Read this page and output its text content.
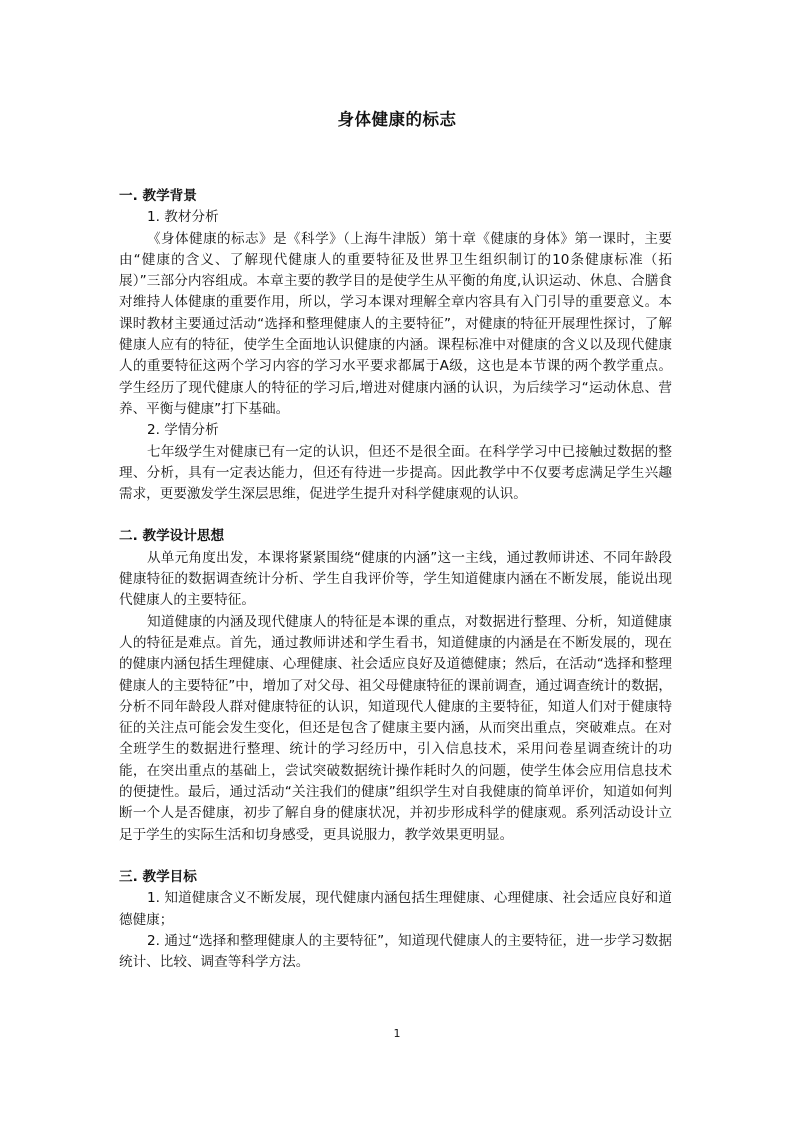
身体健康的标志

一. 教学背景

1. 教材分析

《身体健康的标志》是《科学》（上海牛津版）第十章《健康的身体》第一课时，主要由“健康的含义、了解现代健康人的重要特征及世界卫生组织制订的10条健康标准（拓展）”三部分内容组成。本章主要的教学目的是使学生从平衡的角度,认识运动、休息、合膳食对维持人体健康的重要作用，所以，学习本课对理解全章内容具有入门引导的重要意义。本课时教材主要通过活动“选择和整理健康人的主要特征”，对健康的特征开展理性探讨，了解健康人应有的特征，使学生全面地认识健康的内涵。课程标准中对健康的含义以及现代健康人的重要特征这两个学习内容的学习水平要求都属于A级，这也是本节课的两个教学重点。学生经历了现代健康人的特征的学习后,增进对健康内涵的认识，为后续学习“运动休息、营养、平衡与健康”打下基础。

2. 学情分析

七年级学生对健康已有一定的认识，但还不是很全面。在科学学习中已接触过数据的整理、分析，具有一定表达能力，但还有待进一步提高。因此教学中不仅要考虑满足学生兴趣需求，更要激发学生深层思维，促进学生提升对科学健康观的认识。

二. 教学设计思想

从单元角度出发，本课将紧紧围绕“健康的内涵”这一主线，通过教师讲述、不同年龄段健康特征的数据调查统计分析、学生自我评价等，学生知道健康内涵在不断发展，能说出现代健康人的主要特征。

知道健康的内涵及现代健康人的特征是本课的重点，对数据进行整理、分析，知道健康人的特征是难点。首先，通过教师讲述和学生看书，知道健康的内涵是在不断发展的，现在的健康内涵包括生理健康、心理健康、社会适应良好及道德健康；然后，在活动“选择和整理健康人的主要特征”中，增加了对父母、祖父母健康特征的课前调查，通过调查统计的数据，分析不同年龄段人群对健康特征的认识，知道现代人健康的主要特征，知道人们对于健康特征的关注点可能会发生变化，但还是包含了健康主要内涵，从而突出重点，突破难点。在对全班学生的数据进行整理、统计的学习经历中，引入信息技术，采用问卷星调查统计的功能，在突出重点的基础上，尝试突破数据统计操作耗时久的问题，使学生体会应用信息技术的便捷性。最后，通过活动“关注我们的健康”组织学生对自我健康的简单评价，知道如何判断一个人是否健康，初步了解自身的健康状况，并初步形成科学的健康观。系列活动设计立足于学生的实际生活和切身感受，更具说服力，教学效果更明显。

三. 教学目标

1. 知道健康含义不断发展，现代健康内涵包括生理健康、心理健康、社会适应良好和道德健康；

2. 通过“选择和整理健康人的主要特征”，知道现代健康人的主要特征，进一步学习数据统计、比较、调查等科学方法。

1
